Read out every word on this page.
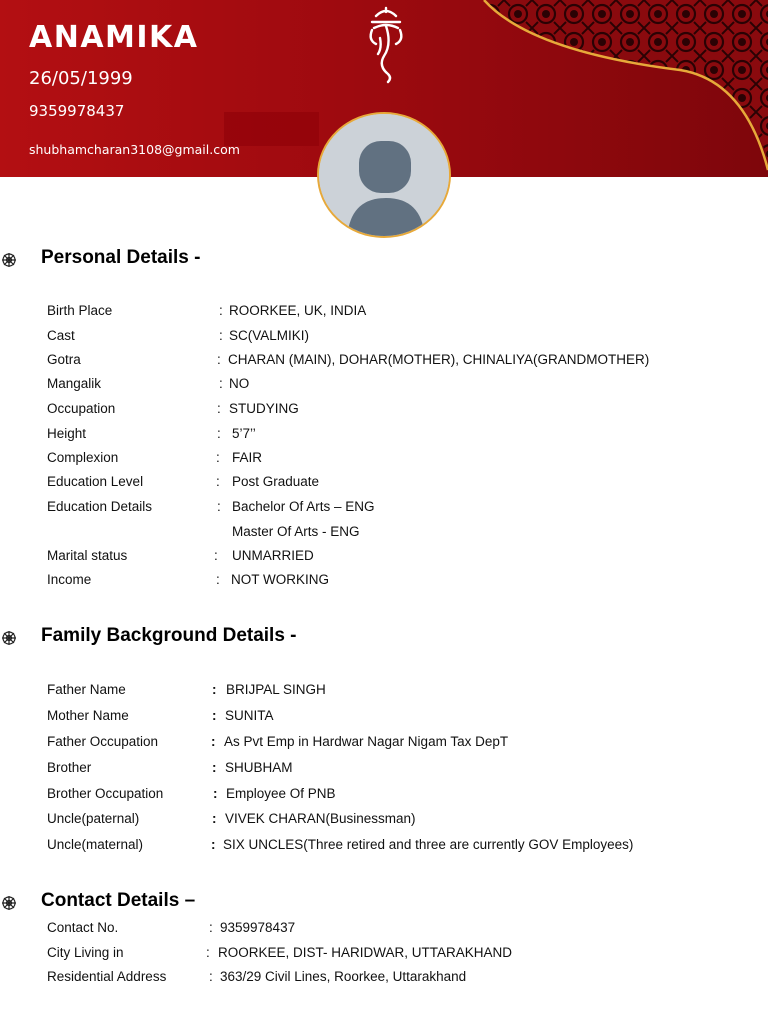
ANAMIKA
26/05/1999
9359978437
shubhamcharan3108@gmail.com
Personal Details -
Family Background Details -
Contact Details –
Birth Place	: ROORKEE, UK, INDIA
Cast	: SC(VALMIKI)
Gotra	: CHARAN (MAIN), DOHAR(MOTHER), CHINALIYA(GRANDMOTHER)
Mangalik	: NO
Occupation	: STUDYING
Height	: 5’7’’
Complexion	: FAIR
Education Level	: Post Graduate
Education Details	: Bachelor Of Arts – ENG
Master Of Arts - ENG
Marital status	: UNMARRIED
Income	: NOT WORKING
Father Name	: BRIJPAL SINGH
Mother Name	: SUNITA
Father Occupation	: As Pvt Emp in Hardwar Nagar Nigam Tax DepT
Brother	: SHUBHAM
Brother Occupation	: Employee Of PNB
Uncle(paternal)	: VIVEK CHARAN(Businessman)
Uncle(maternal)	: SIX UNCLES(Three retired and three are currently GOV Employees)
Contact No.	: 9359978437
City Living in	: ROORKEE, DIST- HARIDWAR, UTTARAKHAND
Residential Address	: 363/29 Civil Lines, Roorkee, Uttarakhand
